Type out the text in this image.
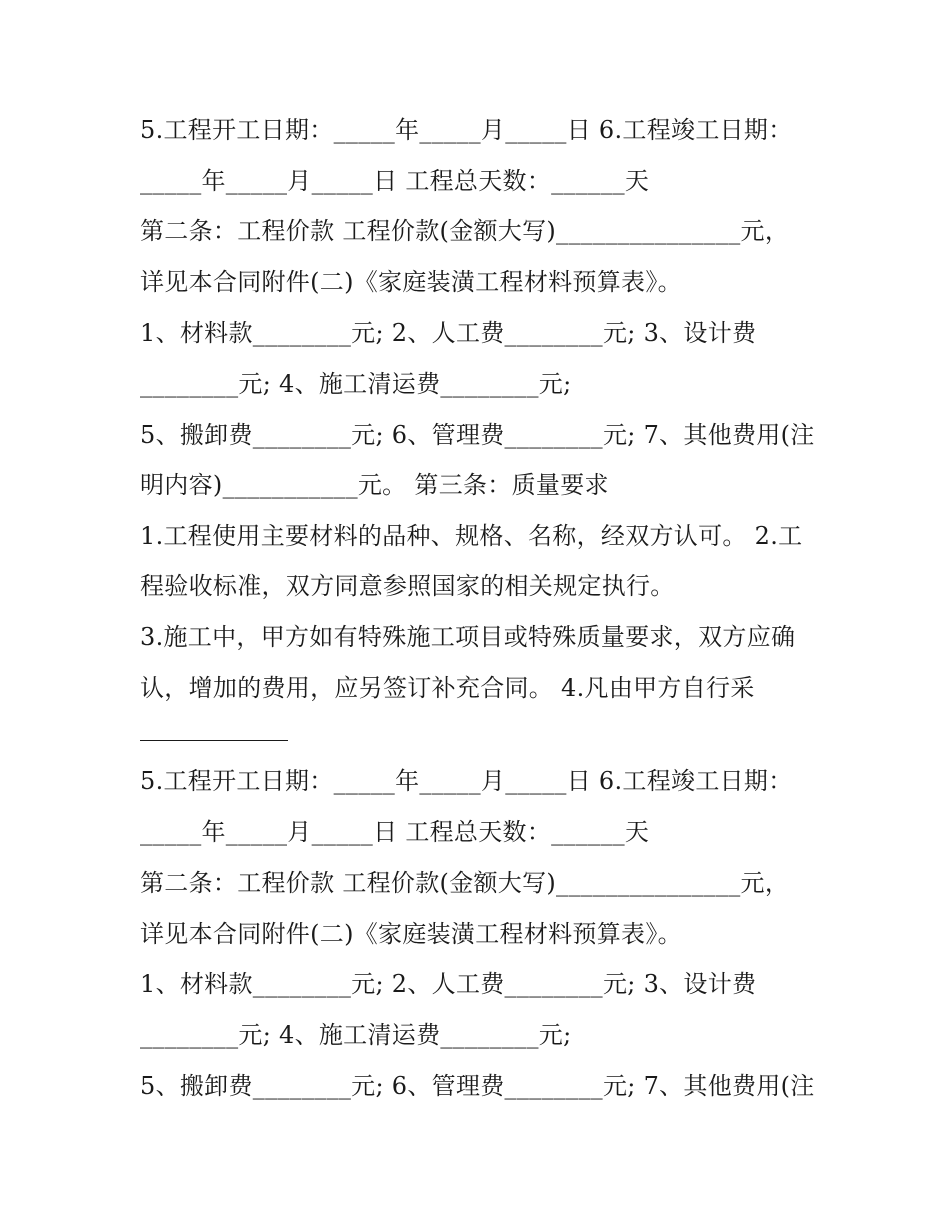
5.工程开工日期：_____年_____月_____日 6.工程竣工日期：
_____年_____月_____日 工程总天数：______天
第二条：工程价款 工程价款(金额大写)_______________元，
详见本合同附件(二)《家庭装潢工程材料预算表》。
1、材料款________元; 2、人工费________元; 3、设计费
________元; 4、施工清运费________元;
5、搬卸费________元; 6、管理费________元; 7、其他费用(注
明内容)___________元。 第三条：质量要求
1.工程使用主要材料的品种、规格、名称，经双方认可。 2.工
程验收标准，双方同意参照国家的相关规定执行。
3.施工中，甲方如有特殊施工项目或特殊质量要求，双方应确
认，增加的费用，应另签订补充合同。 4.凡由甲方自行采
5.工程开工日期：_____年_____月_____日 6.工程竣工日期：
_____年_____月_____日 工程总天数：______天
第二条：工程价款 工程价款(金额大写)_______________元，
详见本合同附件(二)《家庭装潢工程材料预算表》。
1、材料款________元; 2、人工费________元; 3、设计费
________元; 4、施工清运费________元;
5、搬卸费________元; 6、管理费________元; 7、其他费用(注
